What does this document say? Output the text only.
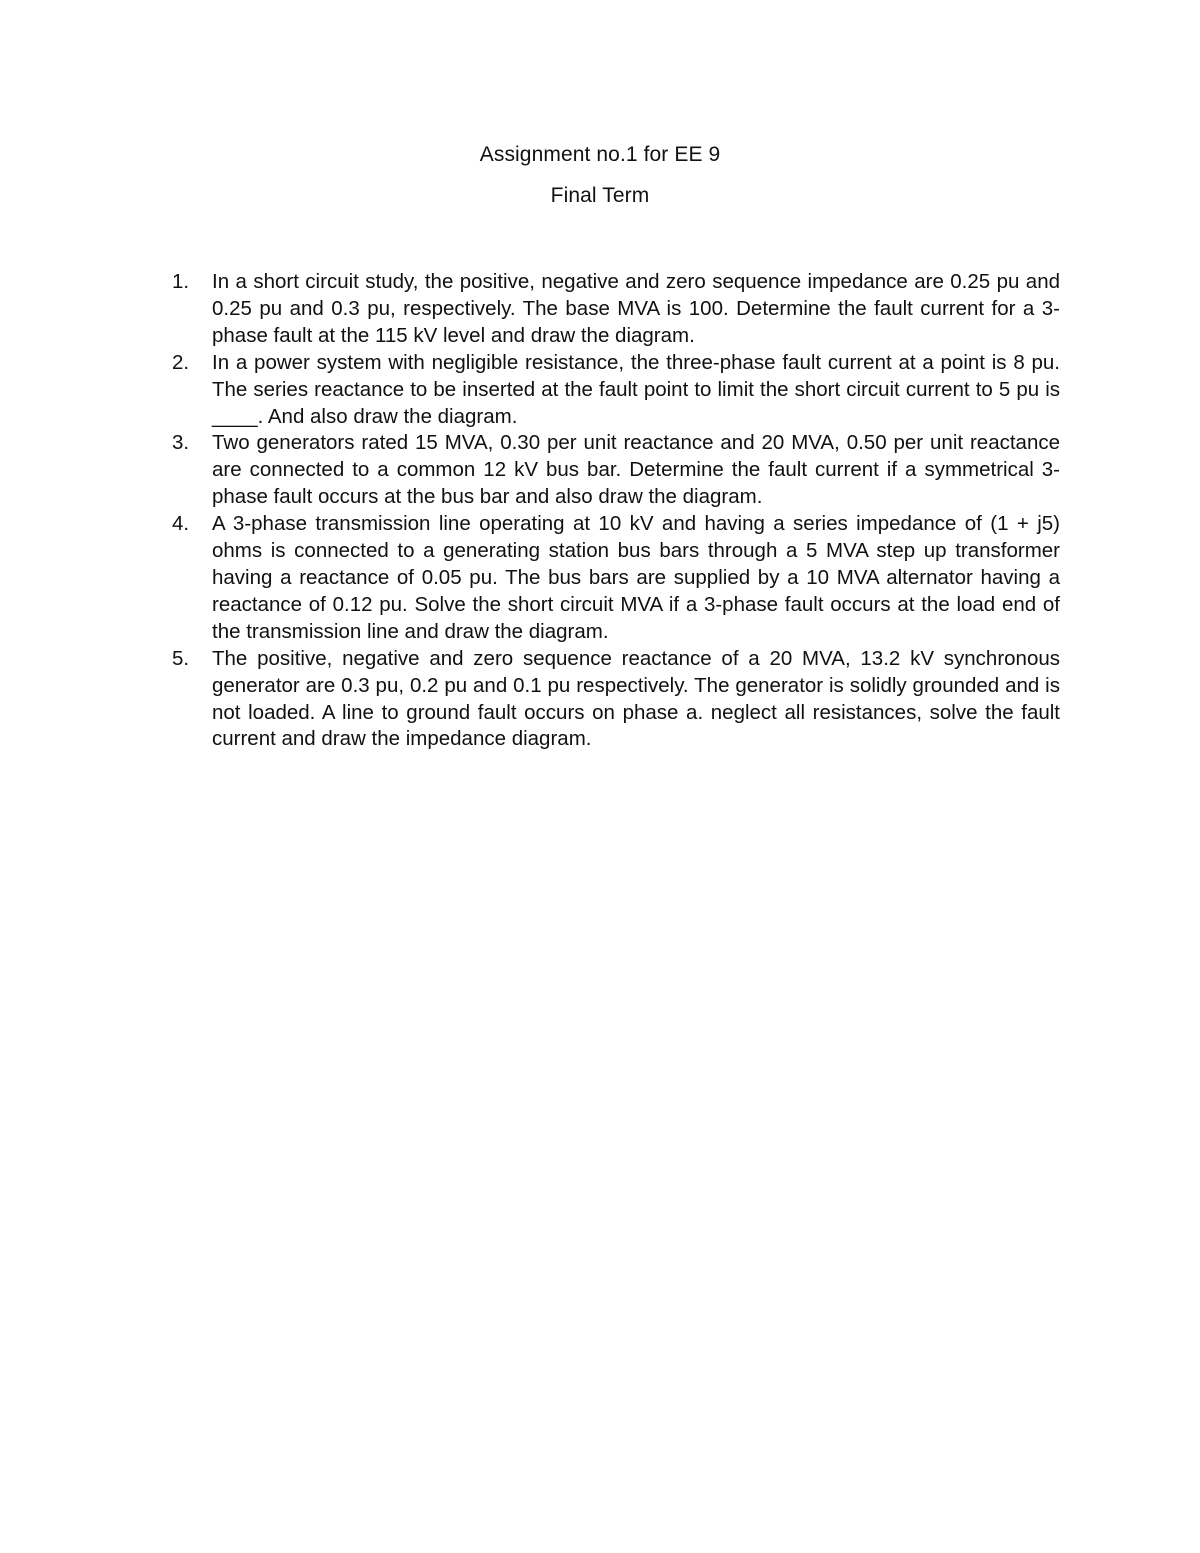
Assignment no.1 for EE 9
Final Term
1.	In a short circuit study, the positive, negative and zero sequence impedance are 0.25 pu and 0.25 pu and 0.3 pu, respectively. The base MVA is 100. Determine the fault current for a 3-phase fault at the 115 kV level and draw the diagram.
2.	In a power system with negligible resistance, the three-phase fault current at a point is 8 pu. The series reactance to be inserted at the fault point to limit the short circuit current to 5 pu is ____. And also draw the diagram.
3.	Two generators rated 15 MVA, 0.30 per unit reactance and 20 MVA, 0.50 per unit reactance are connected to a common 12 kV bus bar. Determine the fault current if a symmetrical 3-phase fault occurs at the bus bar and also draw the diagram.
4.	A 3-phase transmission line operating at 10 kV and having a series impedance of (1 + j5) ohms is connected to a generating station bus bars through a 5 MVA step up transformer having a reactance of 0.05 pu. The bus bars are supplied by a 10 MVA alternator having a reactance of 0.12 pu. Solve the short circuit MVA if a 3-phase fault occurs at the load end of the transmission line and draw the diagram.
5.	The positive, negative and zero sequence reactance of a 20 MVA, 13.2 kV synchronous generator are 0.3 pu, 0.2 pu and 0.1 pu respectively. The generator is solidly grounded and is not loaded. A line to ground fault occurs on phase a. neglect all resistances, solve the fault current and draw the impedance diagram.
